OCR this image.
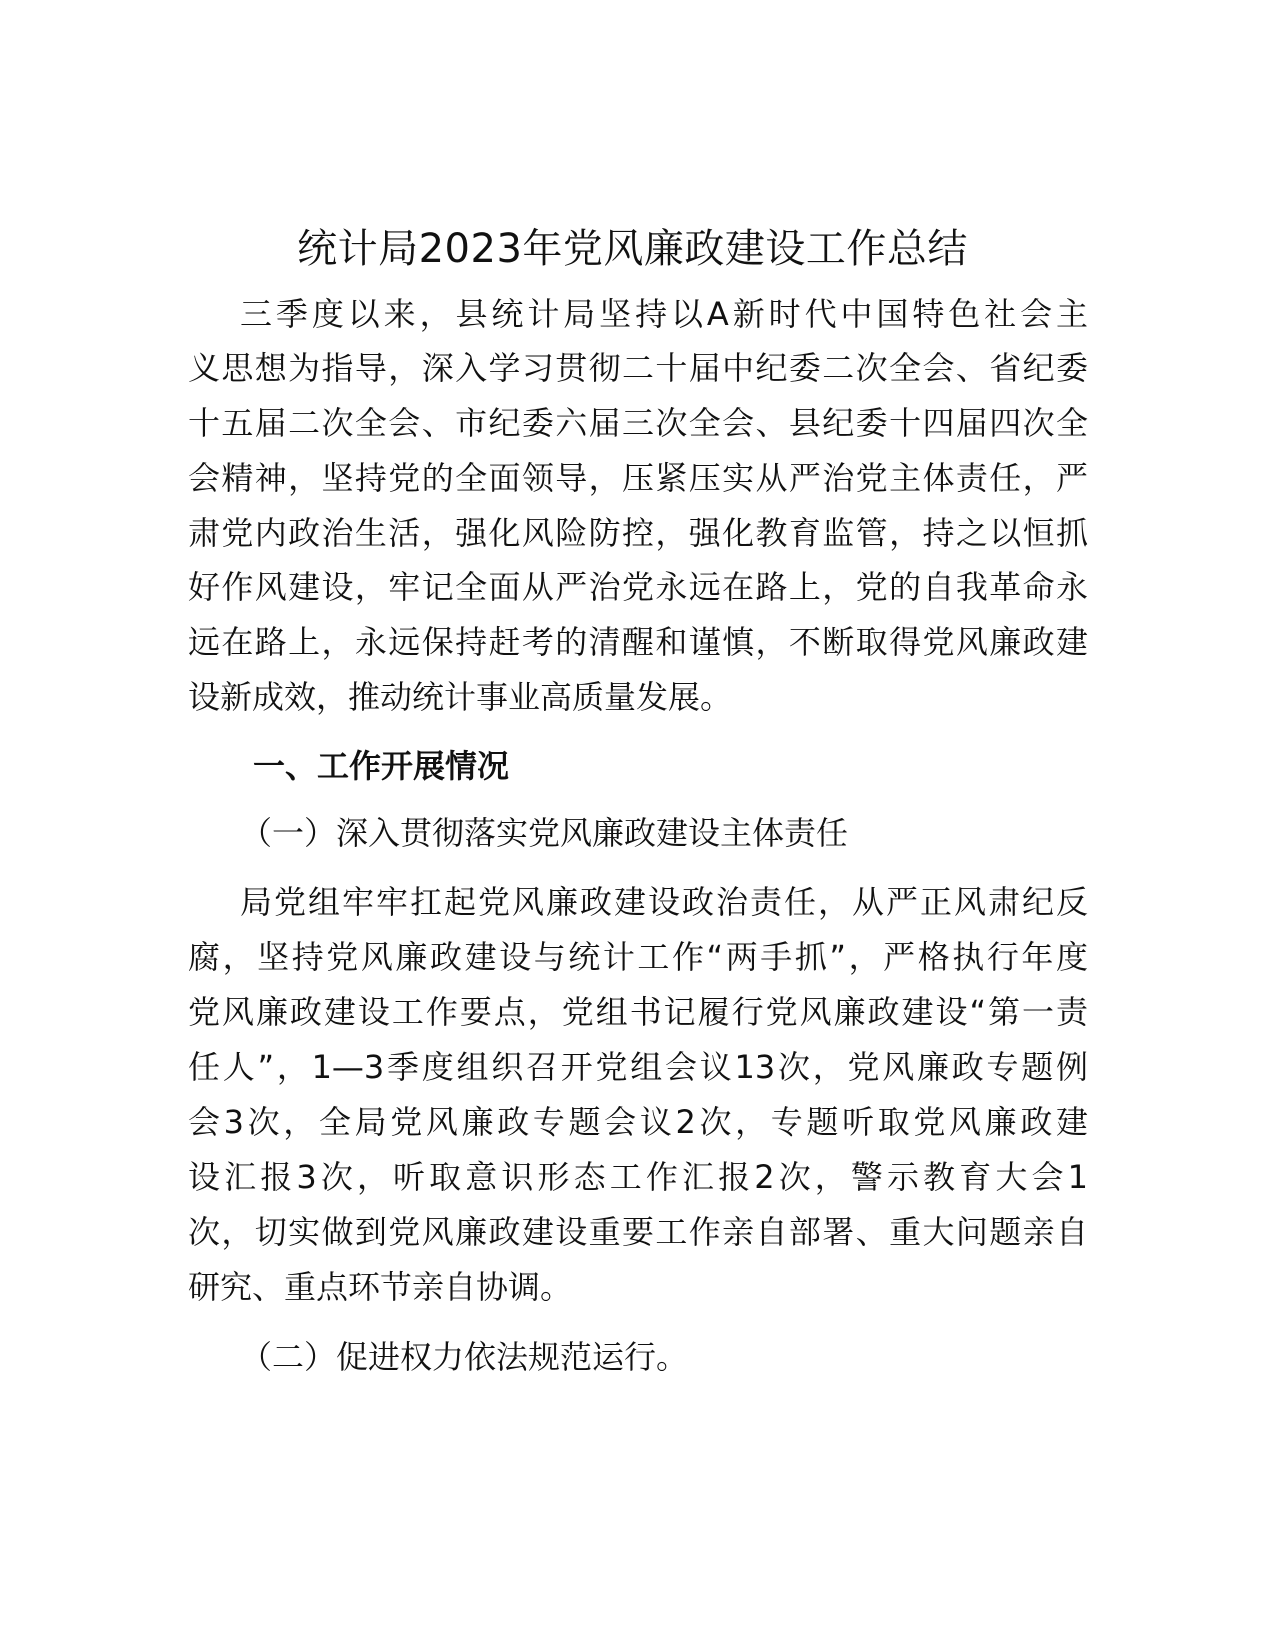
统计局2023年党风廉政建设工作总结
三季度以来，县统计局坚持以A新时代中国特色社会主
义思想为指导，深入学习贯彻二十届中纪委二次全会、省纪委
十五届二次全会、市纪委六届三次全会、县纪委十四届四次全
会精神，坚持党的全面领导，压紧压实从严治党主体责任，严
肃党内政治生活，强化风险防控，强化教育监管，持之以恒抓
好作风建设，牢记全面从严治党永远在路上，党的自我革命永
远在路上，永远保持赶考的清醒和谨慎，不断取得党风廉政建
设新成效，推动统计事业高质量发展。
一、工作开展情况
（一）深入贯彻落实党风廉政建设主体责任
局党组牢牢扛起党风廉政建设政治责任，从严正风肃纪反
腐，坚持党风廉政建设与统计工作“两手抓”，严格执行年度
党风廉政建设工作要点，党组书记履行党风廉政建设“第一责
任人”，1—3季度组织召开党组会议13次，党风廉政专题例
会3次，全局党风廉政专题会议2次，专题听取党风廉政建
设汇报3次，听取意识形态工作汇报2次，警示教育大会1
次，切实做到党风廉政建设重要工作亲自部署、重大问题亲自
研究、重点环节亲自协调。
（二）促进权力依法规范运行。
